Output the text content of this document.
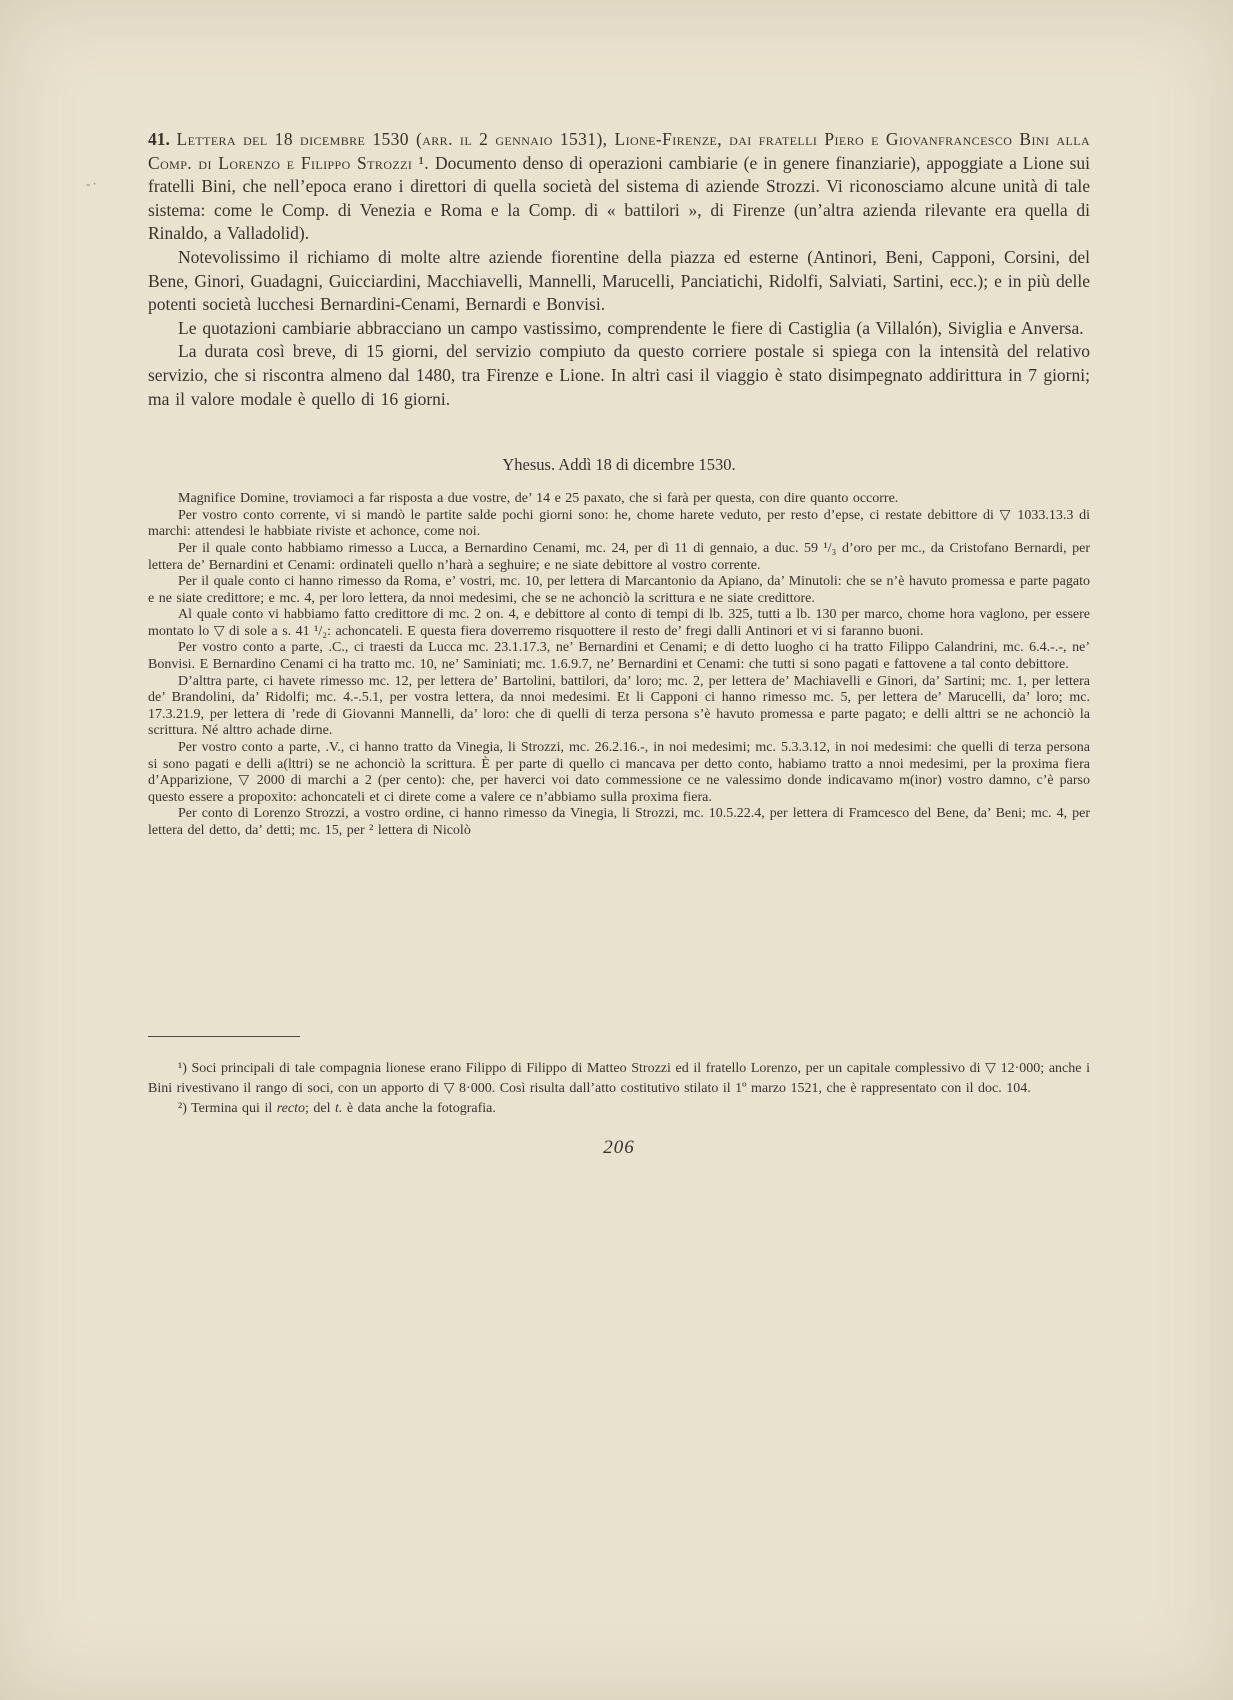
-·

41. Lettera del 18 dicembre 1530 (arr. il 2 gennaio 1531), Lione-Firenze, dai fratelli Piero e Giovanfrancesco Bini alla Comp. di Lorenzo e Filippo Strozzi ¹. Documento denso di operazioni cambiarie (e in genere finanziarie), appoggiate a Lione sui fratelli Bini, che nell’epoca erano i direttori di quella società del sistema di aziende Strozzi. Vi riconosciamo alcune unità di tale sistema: come le Comp. di Venezia e Roma e la Comp. di « battilori », di Firenze (un’altra azienda rilevante era quella di Rinaldo, a Valladolid).

Notevolissimo il richiamo di molte altre aziende fiorentine della piazza ed esterne (Antinori, Beni, Capponi, Corsini, del Bene, Ginori, Guadagni, Guicciardini, Macchiavelli, Mannelli, Marucelli, Panciatichi, Ridolfi, Salviati, Sartini, ecc.); e in più delle potenti società lucchesi Bernardini-Cenami, Bernardi e Bonvisi.

Le quotazioni cambiarie abbracciano un campo vastissimo, comprendente le fiere di Castiglia (a Villalón), Siviglia e Anversa.

La durata così breve, di 15 giorni, del servizio compiuto da questo corriere postale si spiega con la intensità del relativo servizio, che si riscontra almeno dal 1480, tra Firenze e Lione. In altri casi il viaggio è stato disimpegnato addirittura in 7 giorni; ma il valore modale è quello di 16 giorni.

Yhesus. Addì 18 di dicembre 1530.

Magnifice Domine, troviamoci a far risposta a due vostre, de’ 14 e 25 paxato, che si farà per questa, con dire quanto occorre.

Per vostro conto corrente, vi si mandò le partite salde pochi giorni sono: he, chome harete veduto, per resto d’epse, ci restate debittore di ▽ 1033.13.3 di marchi: attendesi le habbiate riviste et achonce, come noi.

Per il quale conto habbiamo rimesso a Lucca, a Bernardino Cenami, mc. 24, per dì 11 di gennaio, a duc. 59 ¹/₃ d’oro per mc., da Cristofano Bernardi, per lettera de’ Bernardini et Cenami: ordinateli quello n’harà a seghuire; e ne siate debittore al vostro corrente.

Per il quale conto ci hanno rimesso da Roma, e’ vostri, mc. 10, per lettera di Marcantonio da Apiano, da’ Minutoli: che se n’è havuto promessa e parte pagato e ne siate credittore; e mc. 4, per loro lettera, da nnoi medesimi, che se ne achonciò la scrittura e ne siate credittore.

Al quale conto vi habbiamo fatto credittore di mc. 2 on. 4, e debittore al conto di tempi di lb. 325, tutti a lb. 130 per marco, chome hora vaglono, per essere montato lo ▽ di sole a s. 41 ¹/₂: achoncateli. E questa fiera doverremo risquottere il resto de’ fregi dalli Antinori et vi si faranno buoni.

Per vostro conto a parte, .C., ci traesti da Lucca mc. 23.1.17.3, ne’ Bernardini et Cenami; e di detto luogho ci ha tratto Filippo Calandrini, mc. 6.4.-.-, ne’ Bonvisi. E Bernardino Cenami ci ha tratto mc. 10, ne’ Saminiati; mc. 1.6.9.7, ne’ Bernardini et Cenami: che tutti si sono pagati e fattovene a tal conto debittore.

D’alttra parte, ci havete rimesso mc. 12, per lettera de’ Bartolini, battilori, da’ loro; mc. 2, per lettera de’ Machiavelli e Ginori, da’ Sartini; mc. 1, per lettera de’ Brandolini, da’ Ridolfi; mc. 4.-.5.1, per vostra lettera, da nnoi medesimi. Et li Capponi ci hanno rimesso mc. 5, per lettera de’ Marucelli, da’ loro; mc. 17.3.21.9, per lettera di ’rede di Giovanni Mannelli, da’ loro: che di quelli di terza persona s’è havuto promessa e parte pagato; e delli alttri se ne achonciò la scrittura. Né alttro achade dirne.

Per vostro conto a parte, .V., ci hanno tratto da Vinegia, li Strozzi, mc. 26.2.16.-, in noi medesimi; mc. 5.3.3.12, in noi medesimi: che quelli di terza persona si sono pagati e delli a(lttri) se ne achonciò la scrittura. È per parte di quello ci mancava per detto conto, habiamo tratto a nnoi medesimi, per la proxima fiera d’Apparizione, ▽ 2000 di marchi a 2 (per cento): che, per haverci voi dato commessione ce ne valessimo donde indicavamo m(inor) vostro damno, c’è parso questo essere a propoxito: achoncateli et ci direte come a valere ce n’abbiamo sulla proxima fiera.

Per conto di Lorenzo Strozzi, a vostro ordine, ci hanno rimesso da Vinegia, li Strozzi, mc. 10.5.22.4, per lettera di Framcesco del Bene, da’ Beni; mc. 4, per lettera del detto, da’ detti; mc. 15, per ² lettera di Nicolò

¹) Soci principali di tale compagnia lionese erano Filippo di Filippo di Matteo Strozzi ed il fratello Lorenzo, per un capitale complessivo di ▽ 12·000; anche i Bini rivestivano il rango di soci, con un apporto di ▽ 8·000. Così risulta dall’atto costitutivo stilato il 1º marzo 1521, che è rappresentato con il doc. 104.

²) Termina qui il recto; del t. è data anche la fotografia.

206
